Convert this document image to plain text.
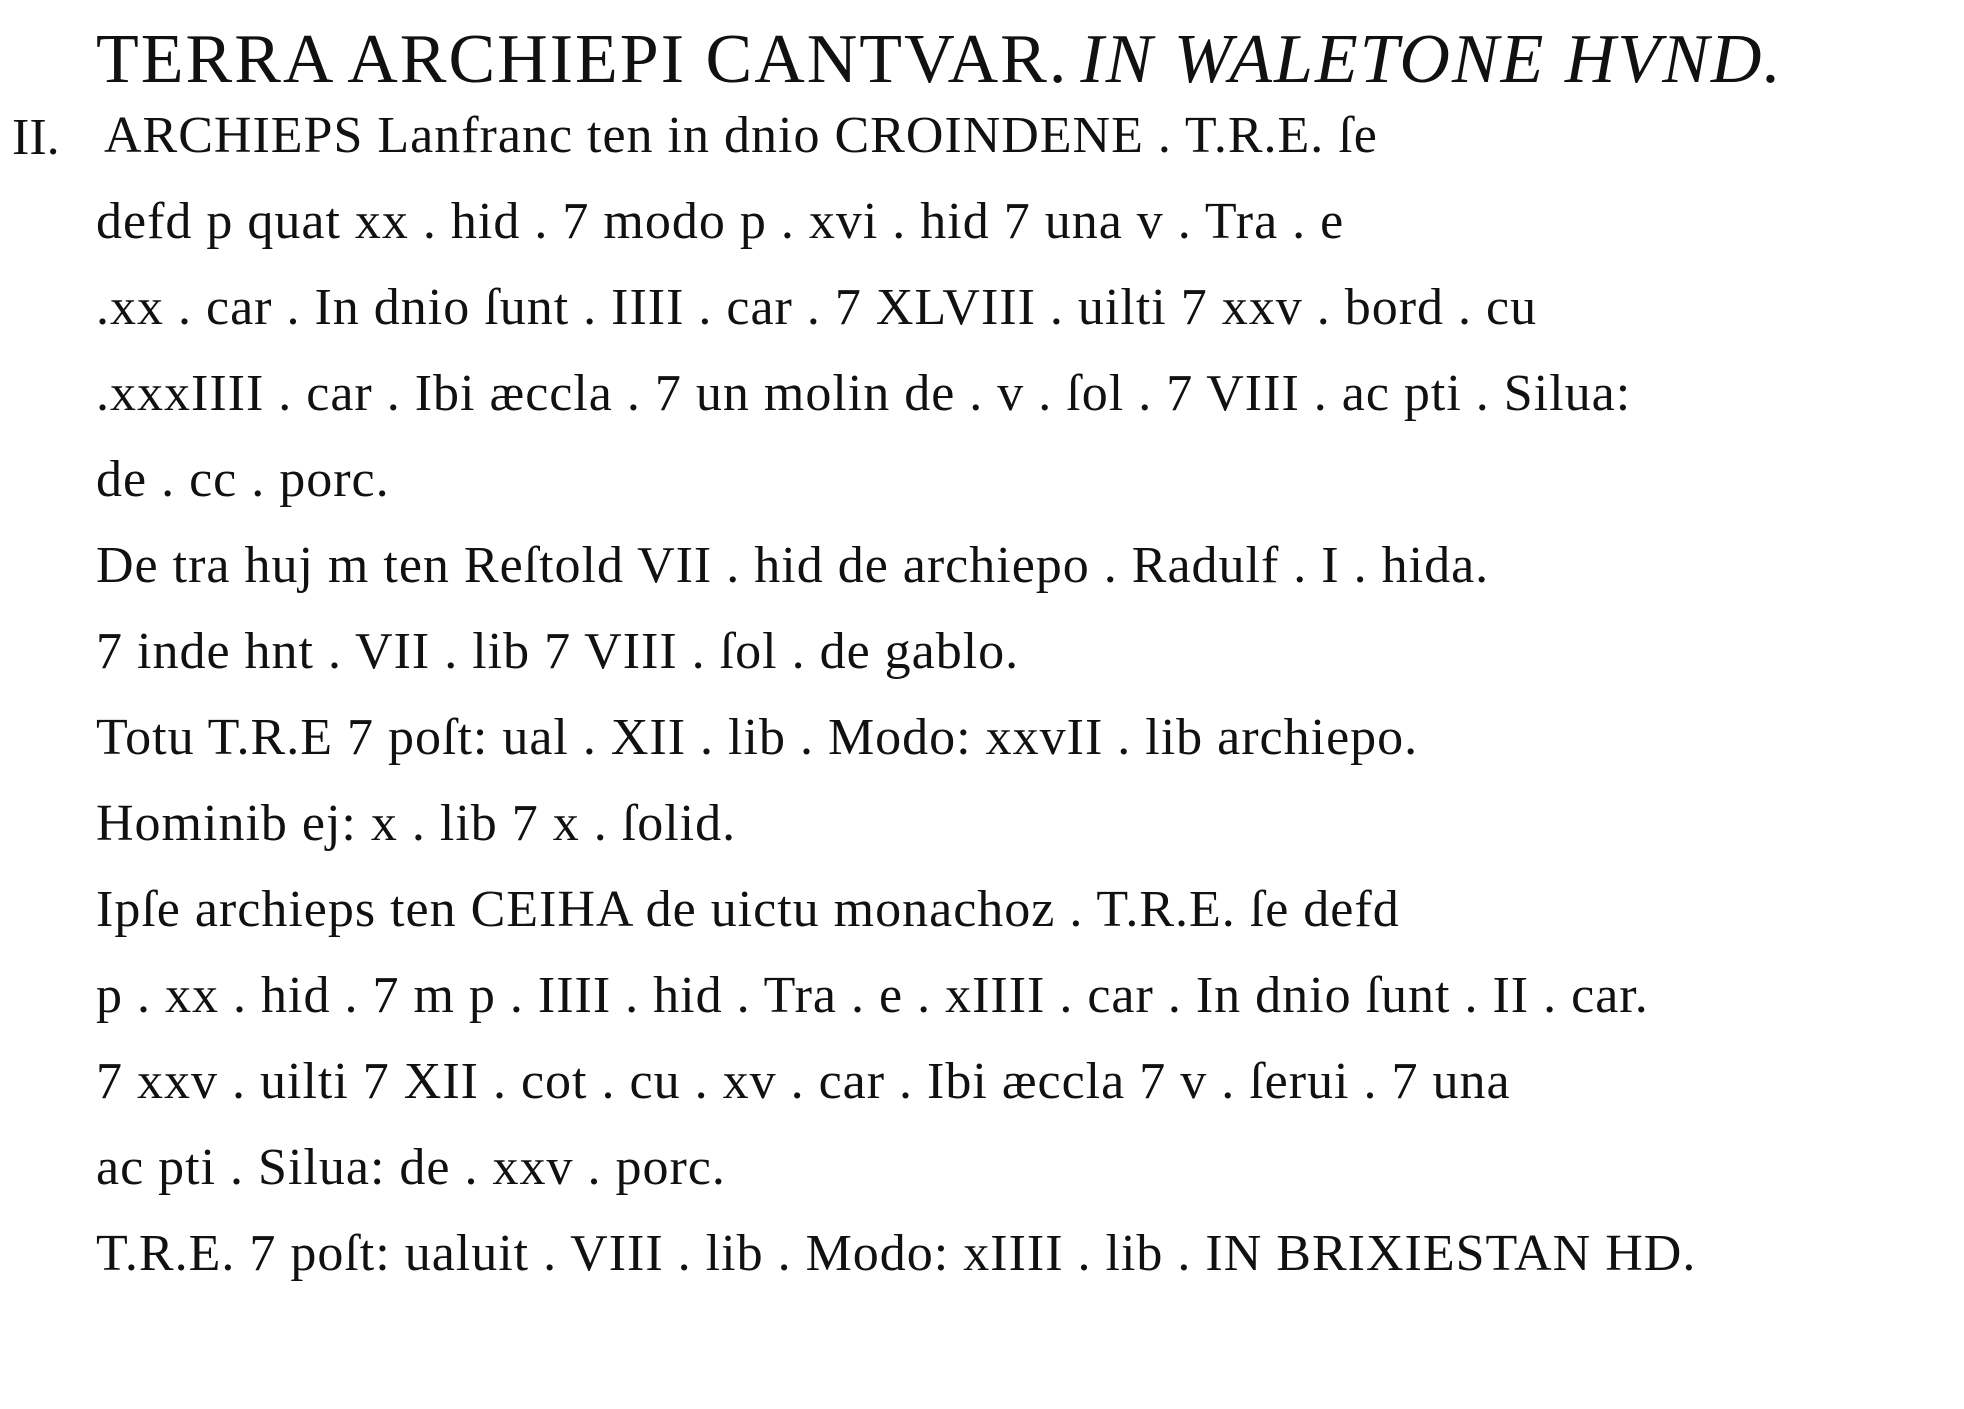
TERRA ARCHIEPI CANTVAR. IN WALETONE HVND.
II. ARCHIEPS Lanfranc ten in dnio CROINDENE . T.R.E. ſe
defd p quat xx . hid . 7 modo p . xvi . hid 7 una v . Tra . e
.xx . car . In dnio ſunt . IIII . car . 7 XLVIII . uilti 7 xxv . bord . cu
.xxxIIII . car . Ibi æccla . 7 un molin de . v . ſol . 7 VIII . ac pti . Silua:
de . cc . porc.
De tra huj m ten Reſtold VII . hid de archiepo . Radulf . I . hida.
7 inde hnt . VII . lib 7 VIII . ſol . de gablo.
Totu T.R.E 7 poſt: ual . XII . lib . Modo: xxvII . lib archiepo.
Hominib ej: x . lib 7 x . ſolid.
Ipſe archieps ten CEIHA de uictu monachoz . T.R.E. ſe defd
p . xx . hid . 7 m p . IIII . hid . Tra . e . xIIII . car . In dnio ſunt . II . car.
7 xxv . uilti 7 XII . cot . cu . xv . car . Ibi æccla 7 v . ſerui . 7 una
ac pti . Silua: de . xxv . porc.
T.R.E. 7 poſt: ualuit . VIII . lib . Modo: xIIII . lib . IN BRIXIESTAN HD.
